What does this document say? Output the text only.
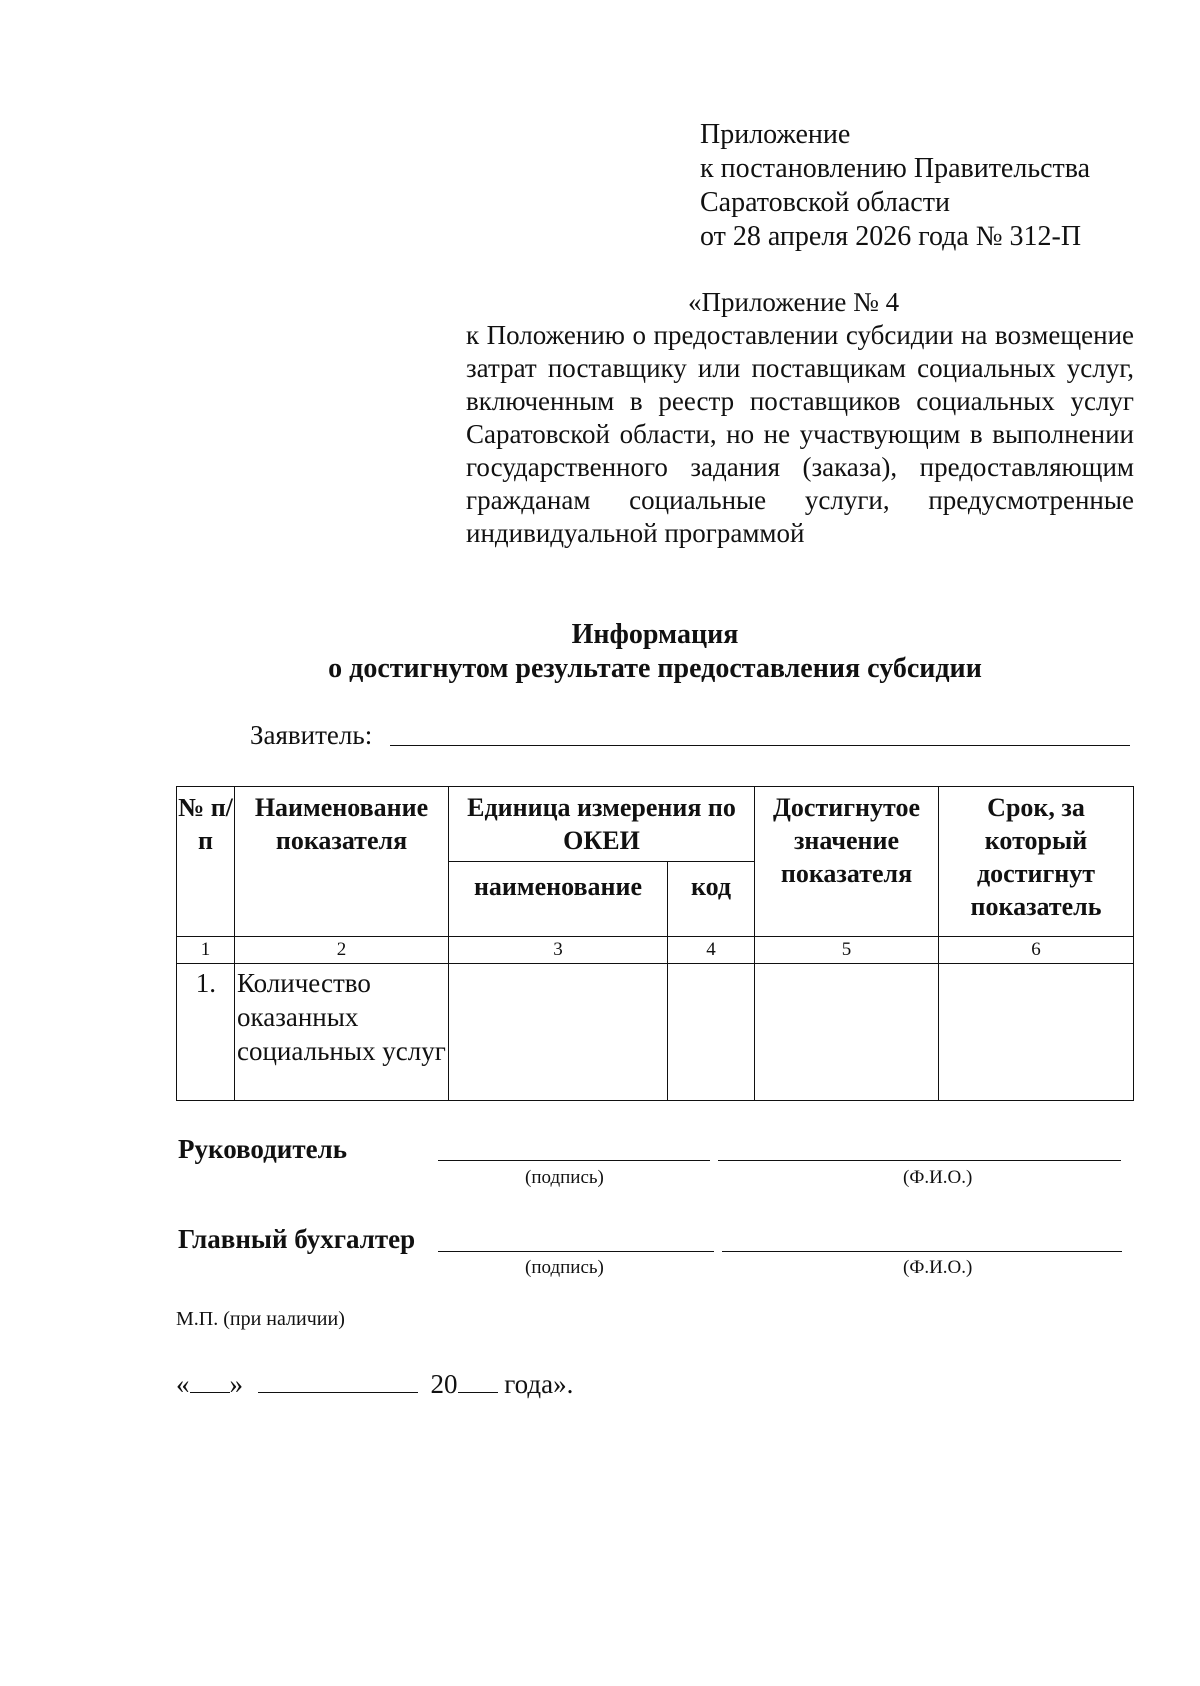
Приложение
к постановлению Правительства
Саратовской области
от 28 апреля 2026 года № 312-П
«Приложение № 4
к Положению о предоставлении субсидии на возмещение затрат поставщику или поставщикам социальных услуг, включенным в реестр поставщиков социальных услуг Саратовской области, но не участвующим в выполнении государственного задания (заказа), предоставляющим гражданам социальные услуги, предусмотренные индивидуальной программой
Информация
о достигнутом результате предоставления субсидии
Заявитель:
№ п/п	Наименование показателя	Единица измерения по ОКЕИ		Достигнутое значение показателя	Срок, за который достигнут показатель
		наименование	код		
1	2	3	4	5	6
1.	Количество оказанных социальных услуг				
Руководитель
(подпись)	(Ф.И.О.)
Главный бухгалтер
(подпись)	(Ф.И.О.)
М.П. (при наличии)
« »	20 года».
